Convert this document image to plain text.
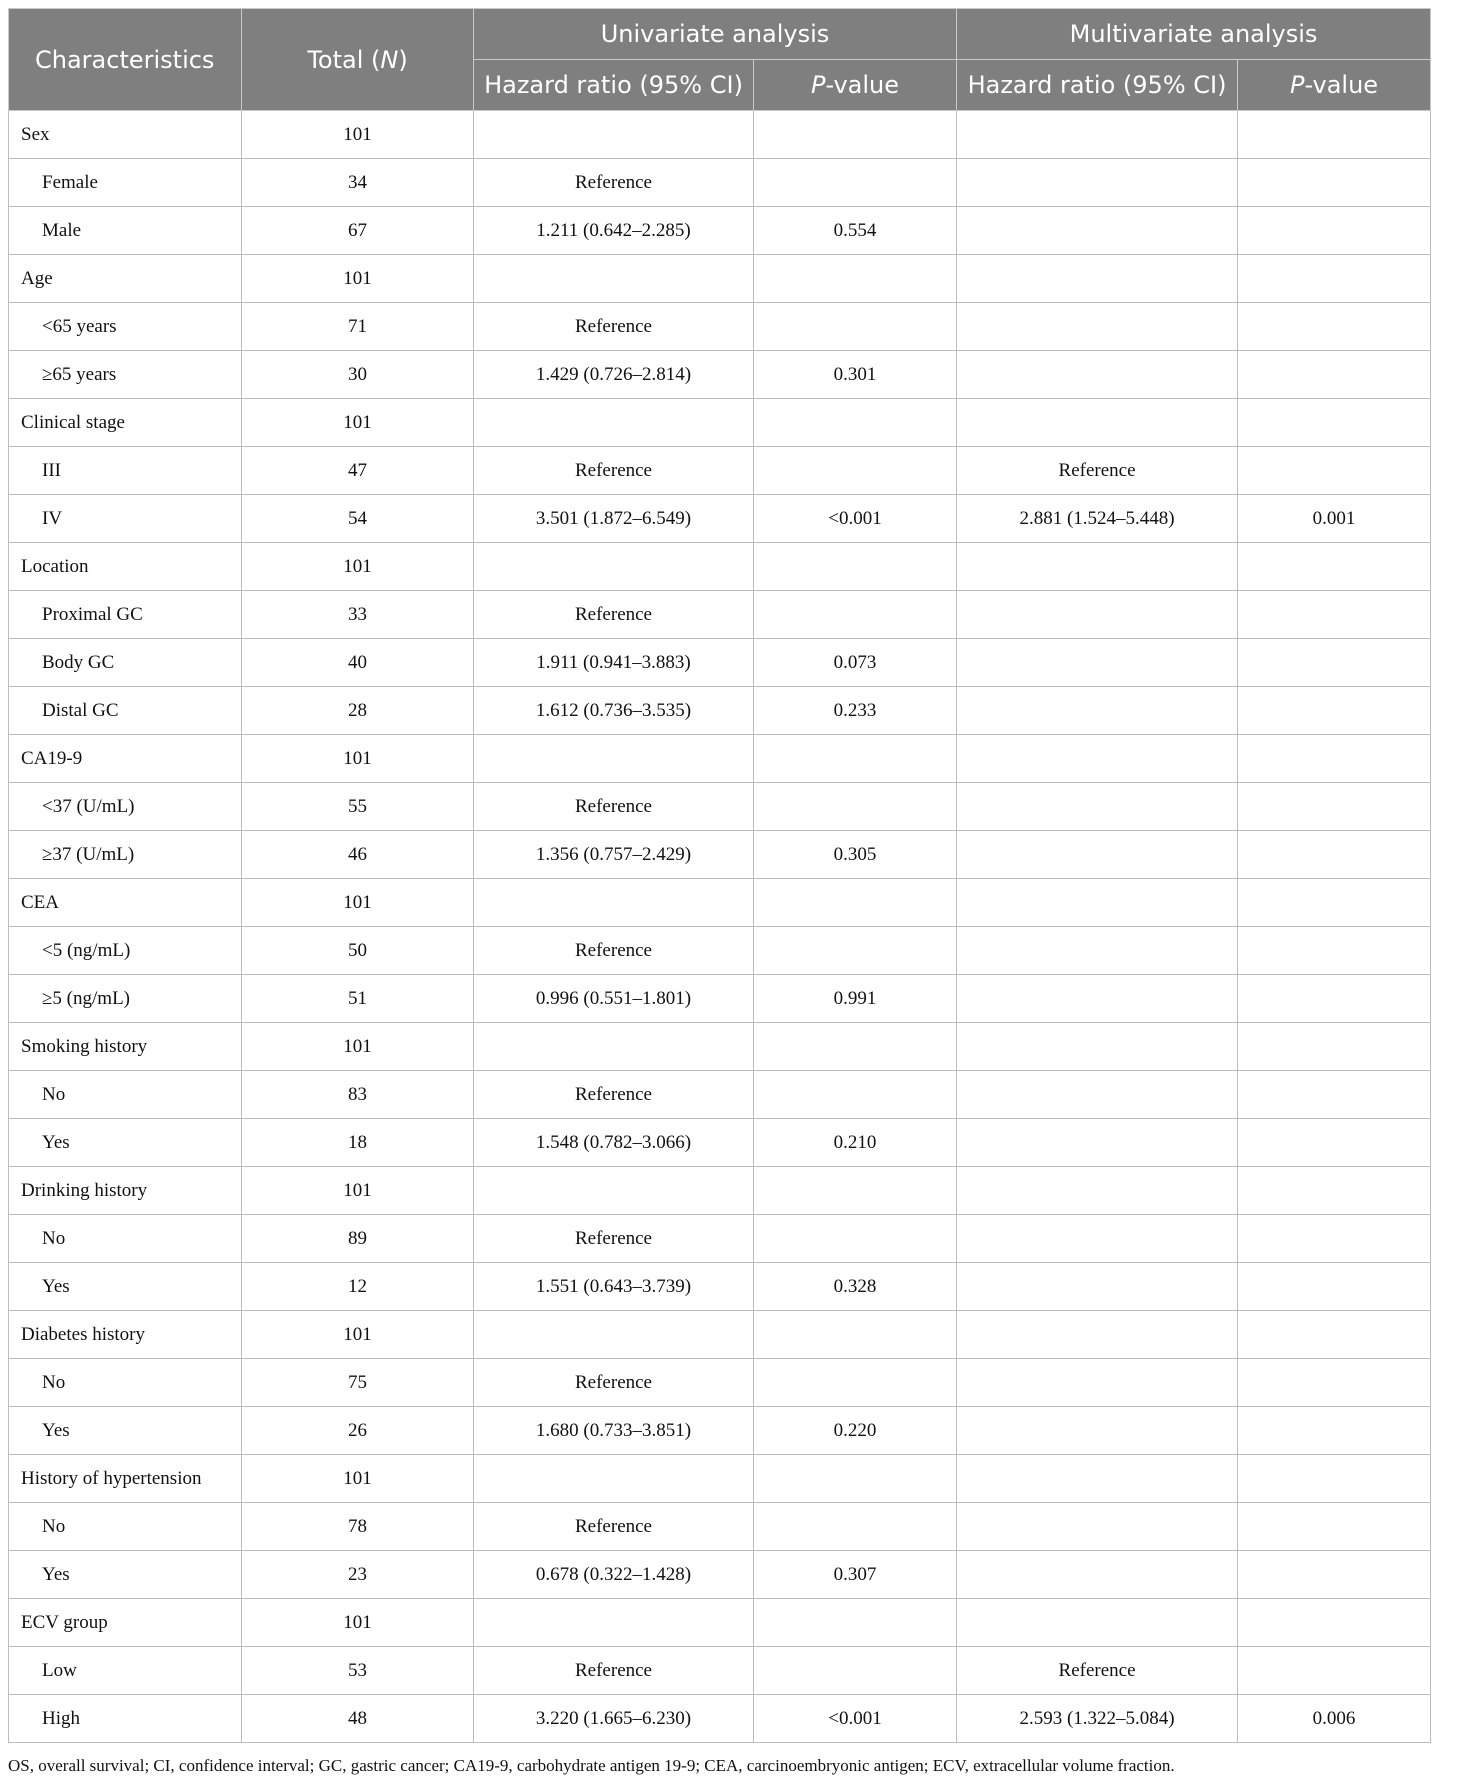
Characteristics	Total (N)	Univariate analysis		Multivariate analysis	
		Hazard ratio (95% CI)	P-value	Hazard ratio (95% CI)	P-value
Sex	101				
Female	34	Reference			
Male	67	1.211 (0.642–2.285)	0.554		
Age	101				
<65 years	71	Reference			
≥65 years	30	1.429 (0.726–2.814)	0.301		
Clinical stage	101				
III	47	Reference		Reference	
IV	54	3.501 (1.872–6.549)	<0.001	2.881 (1.524–5.448)	0.001
Location	101				
Proximal GC	33	Reference			
Body GC	40	1.911 (0.941–3.883)	0.073		
Distal GC	28	1.612 (0.736–3.535)	0.233		
CA19-9	101				
<37 (U/mL)	55	Reference			
≥37 (U/mL)	46	1.356 (0.757–2.429)	0.305		
CEA	101				
<5 (ng/mL)	50	Reference			
≥5 (ng/mL)	51	0.996 (0.551–1.801)	0.991		
Smoking history	101				
No	83	Reference			
Yes	18	1.548 (0.782–3.066)	0.210		
Drinking history	101				
No	89	Reference			
Yes	12	1.551 (0.643–3.739)	0.328		
Diabetes history	101				
No	75	Reference			
Yes	26	1.680 (0.733–3.851)	0.220		
History of hypertension	101				
No	78	Reference			
Yes	23	0.678 (0.322–1.428)	0.307		
ECV group	101				
Low	53	Reference		Reference	
High	48	3.220 (1.665–6.230)	<0.001	2.593 (1.322–5.084)	0.006
OS, overall survival; CI, confidence interval; GC, gastric cancer; CA19-9, carbohydrate antigen 19-9; CEA, carcinoembryonic antigen; ECV, extracellular volume fraction.
